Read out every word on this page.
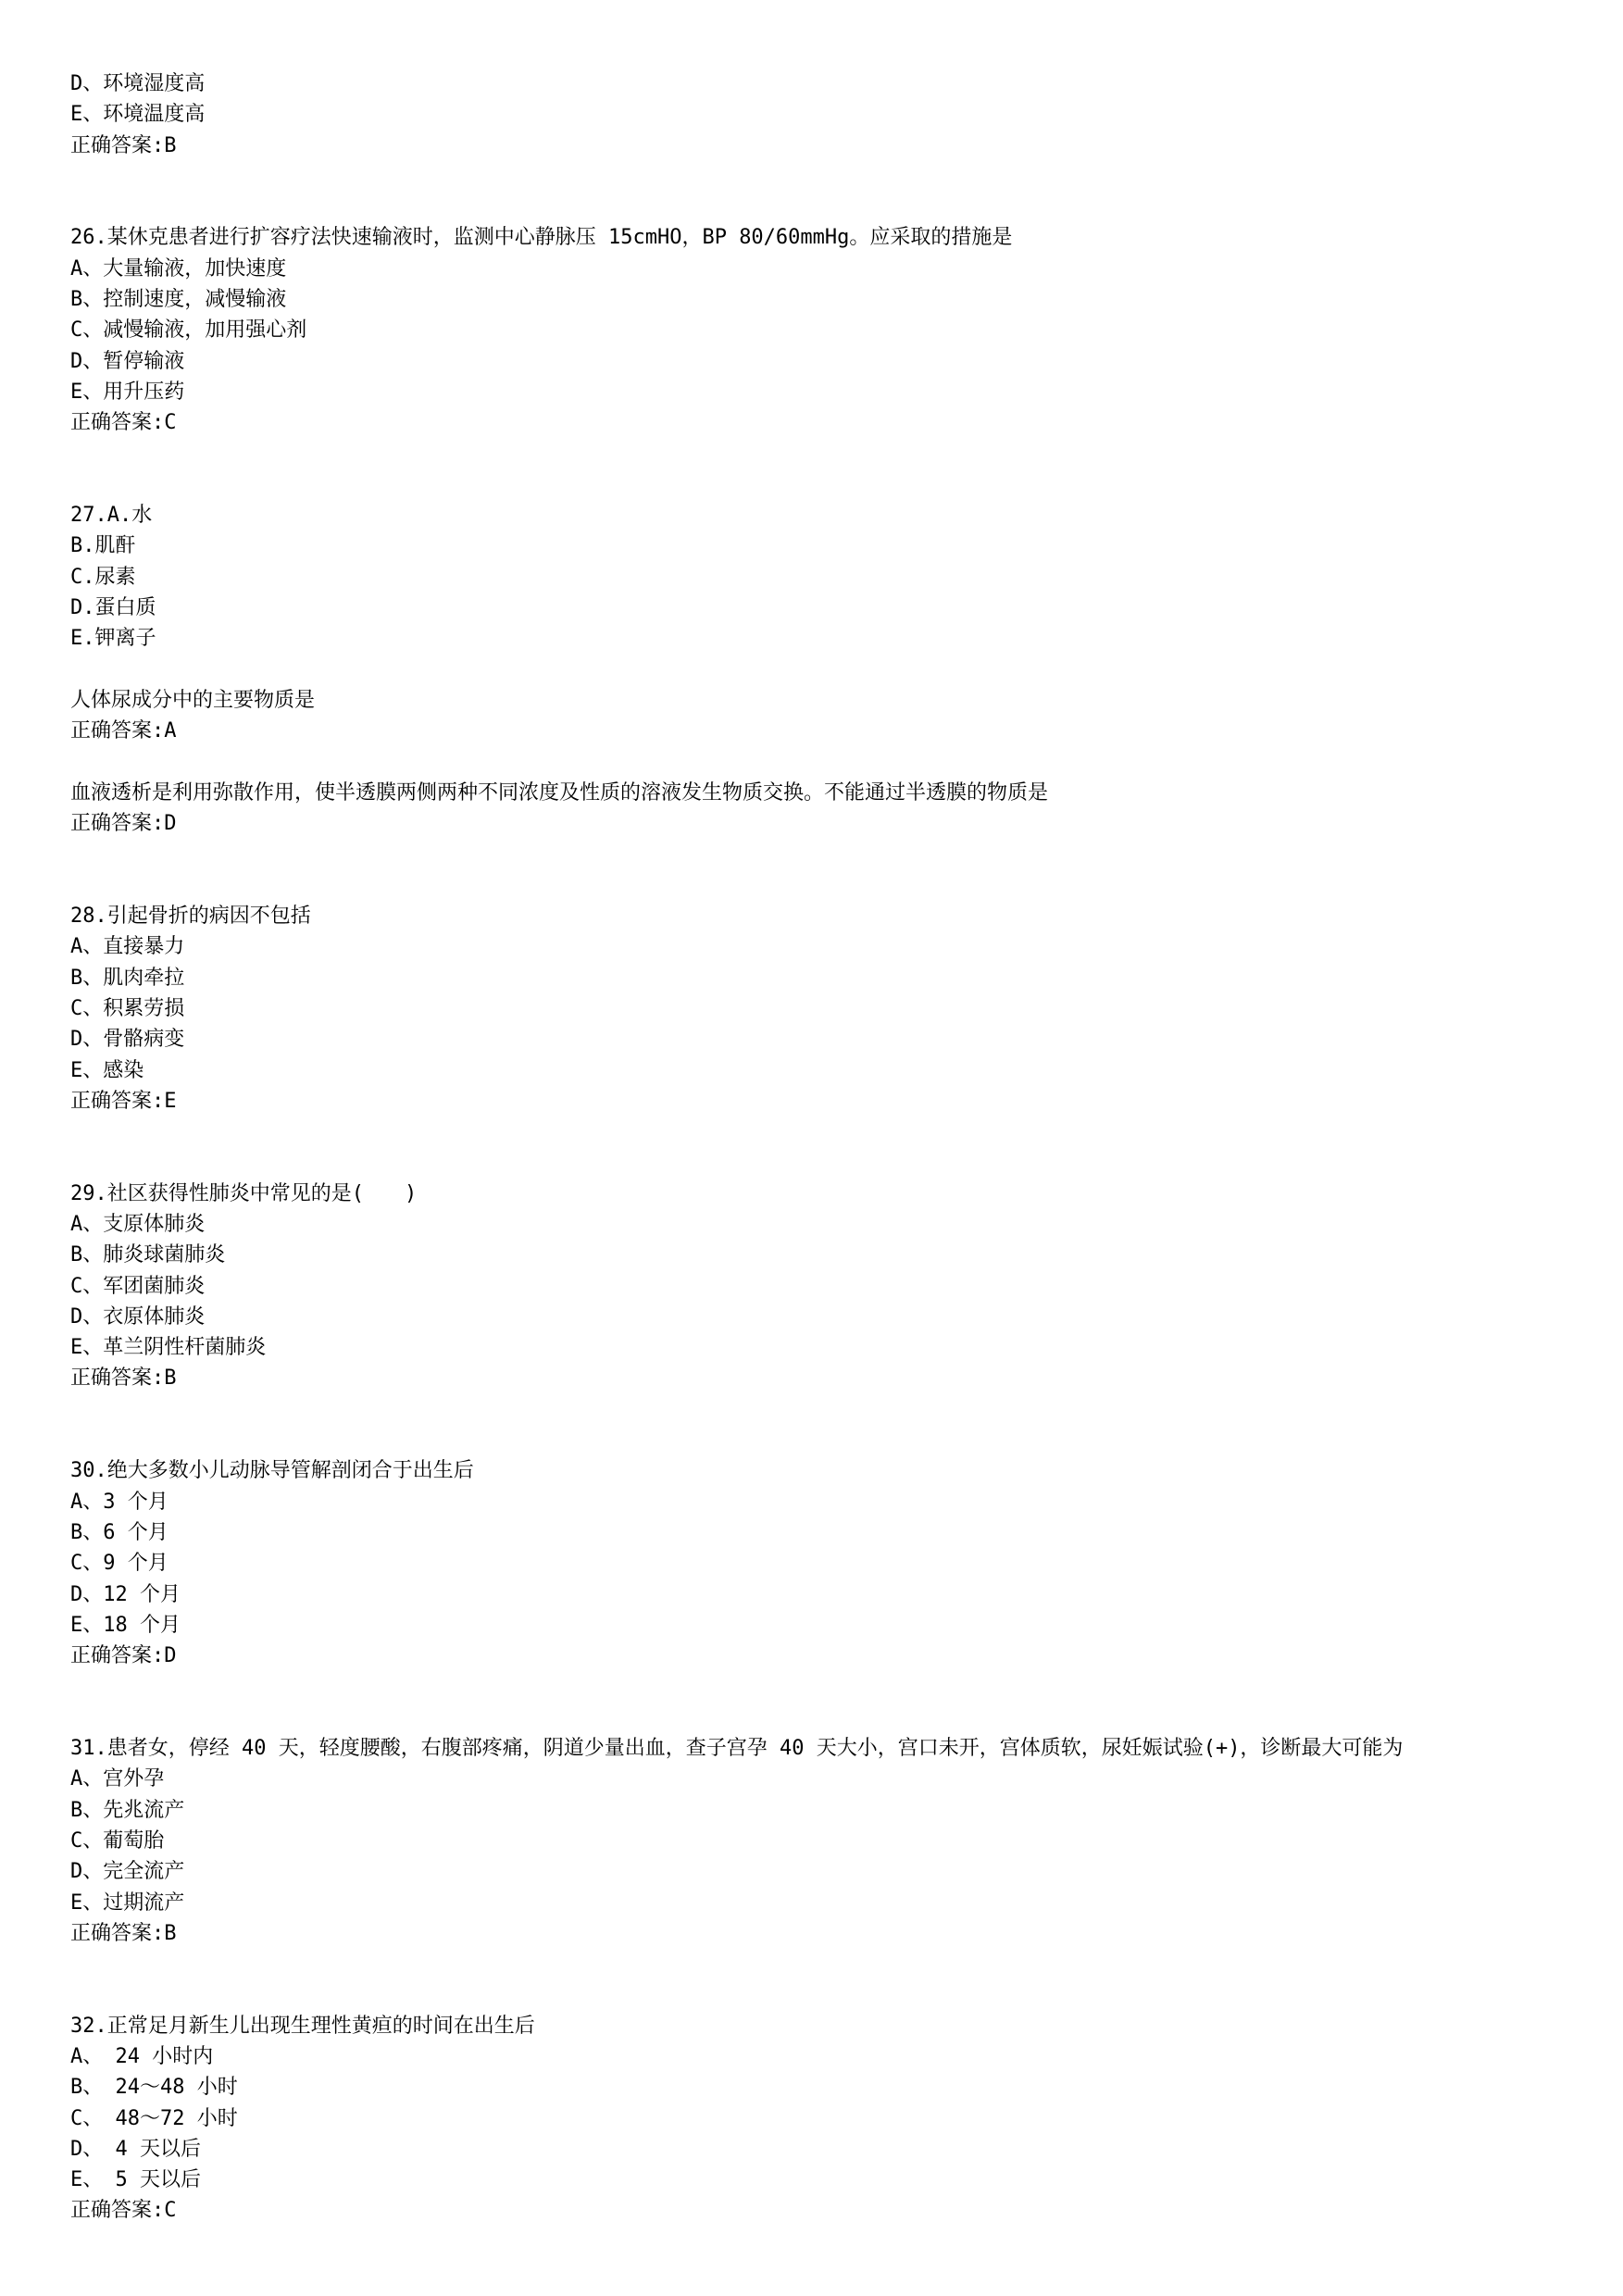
D、环境湿度高
E、环境温度高
正确答案:B
26.某休克患者进行扩容疗法快速输液时，监测中心静脉压 15cmHO，BP 80/60mmHg。应采取的措施是
A、大量输液，加快速度
B、控制速度，减慢输液
C、减慢输液，加用强心剂
D、暂停输液
E、用升压药
正确答案:C
27.A.水
B.肌酐
C.尿素
D.蛋白质
E.钾离子
人体尿成分中的主要物质是
正确答案:A
血液透析是利用弥散作用，使半透膜两侧两种不同浓度及性质的溶液发生物质交换。不能通过半透膜的物质是
正确答案:D
28.引起骨折的病因不包括
A、直接暴力
B、肌肉牵拉
C、积累劳损
D、骨骼病变
E、感染
正确答案:E
29.社区获得性肺炎中常见的是(　　)
A、支原体肺炎
B、肺炎球菌肺炎
C、军团菌肺炎
D、衣原体肺炎
E、革兰阴性杆菌肺炎
正确答案:B
30.绝大多数小儿动脉导管解剖闭合于出生后
A、3 个月
B、6 个月
C、9 个月
D、12 个月
E、18 个月
正确答案:D
31.患者女，停经 40 天，轻度腰酸，右腹部疼痛，阴道少量出血，查子宫孕 40 天大小，宫口未开，宫体质软，尿妊娠试验(+)，诊断最大可能为
A、宫外孕
B、先兆流产
C、葡萄胎
D、完全流产
E、过期流产
正确答案:B
32.正常足月新生儿出现生理性黄疸的时间在出生后
A、 24 小时内
B、 24～48 小时
C、 48～72 小时
D、 4 天以后
E、 5 天以后
正确答案:C
